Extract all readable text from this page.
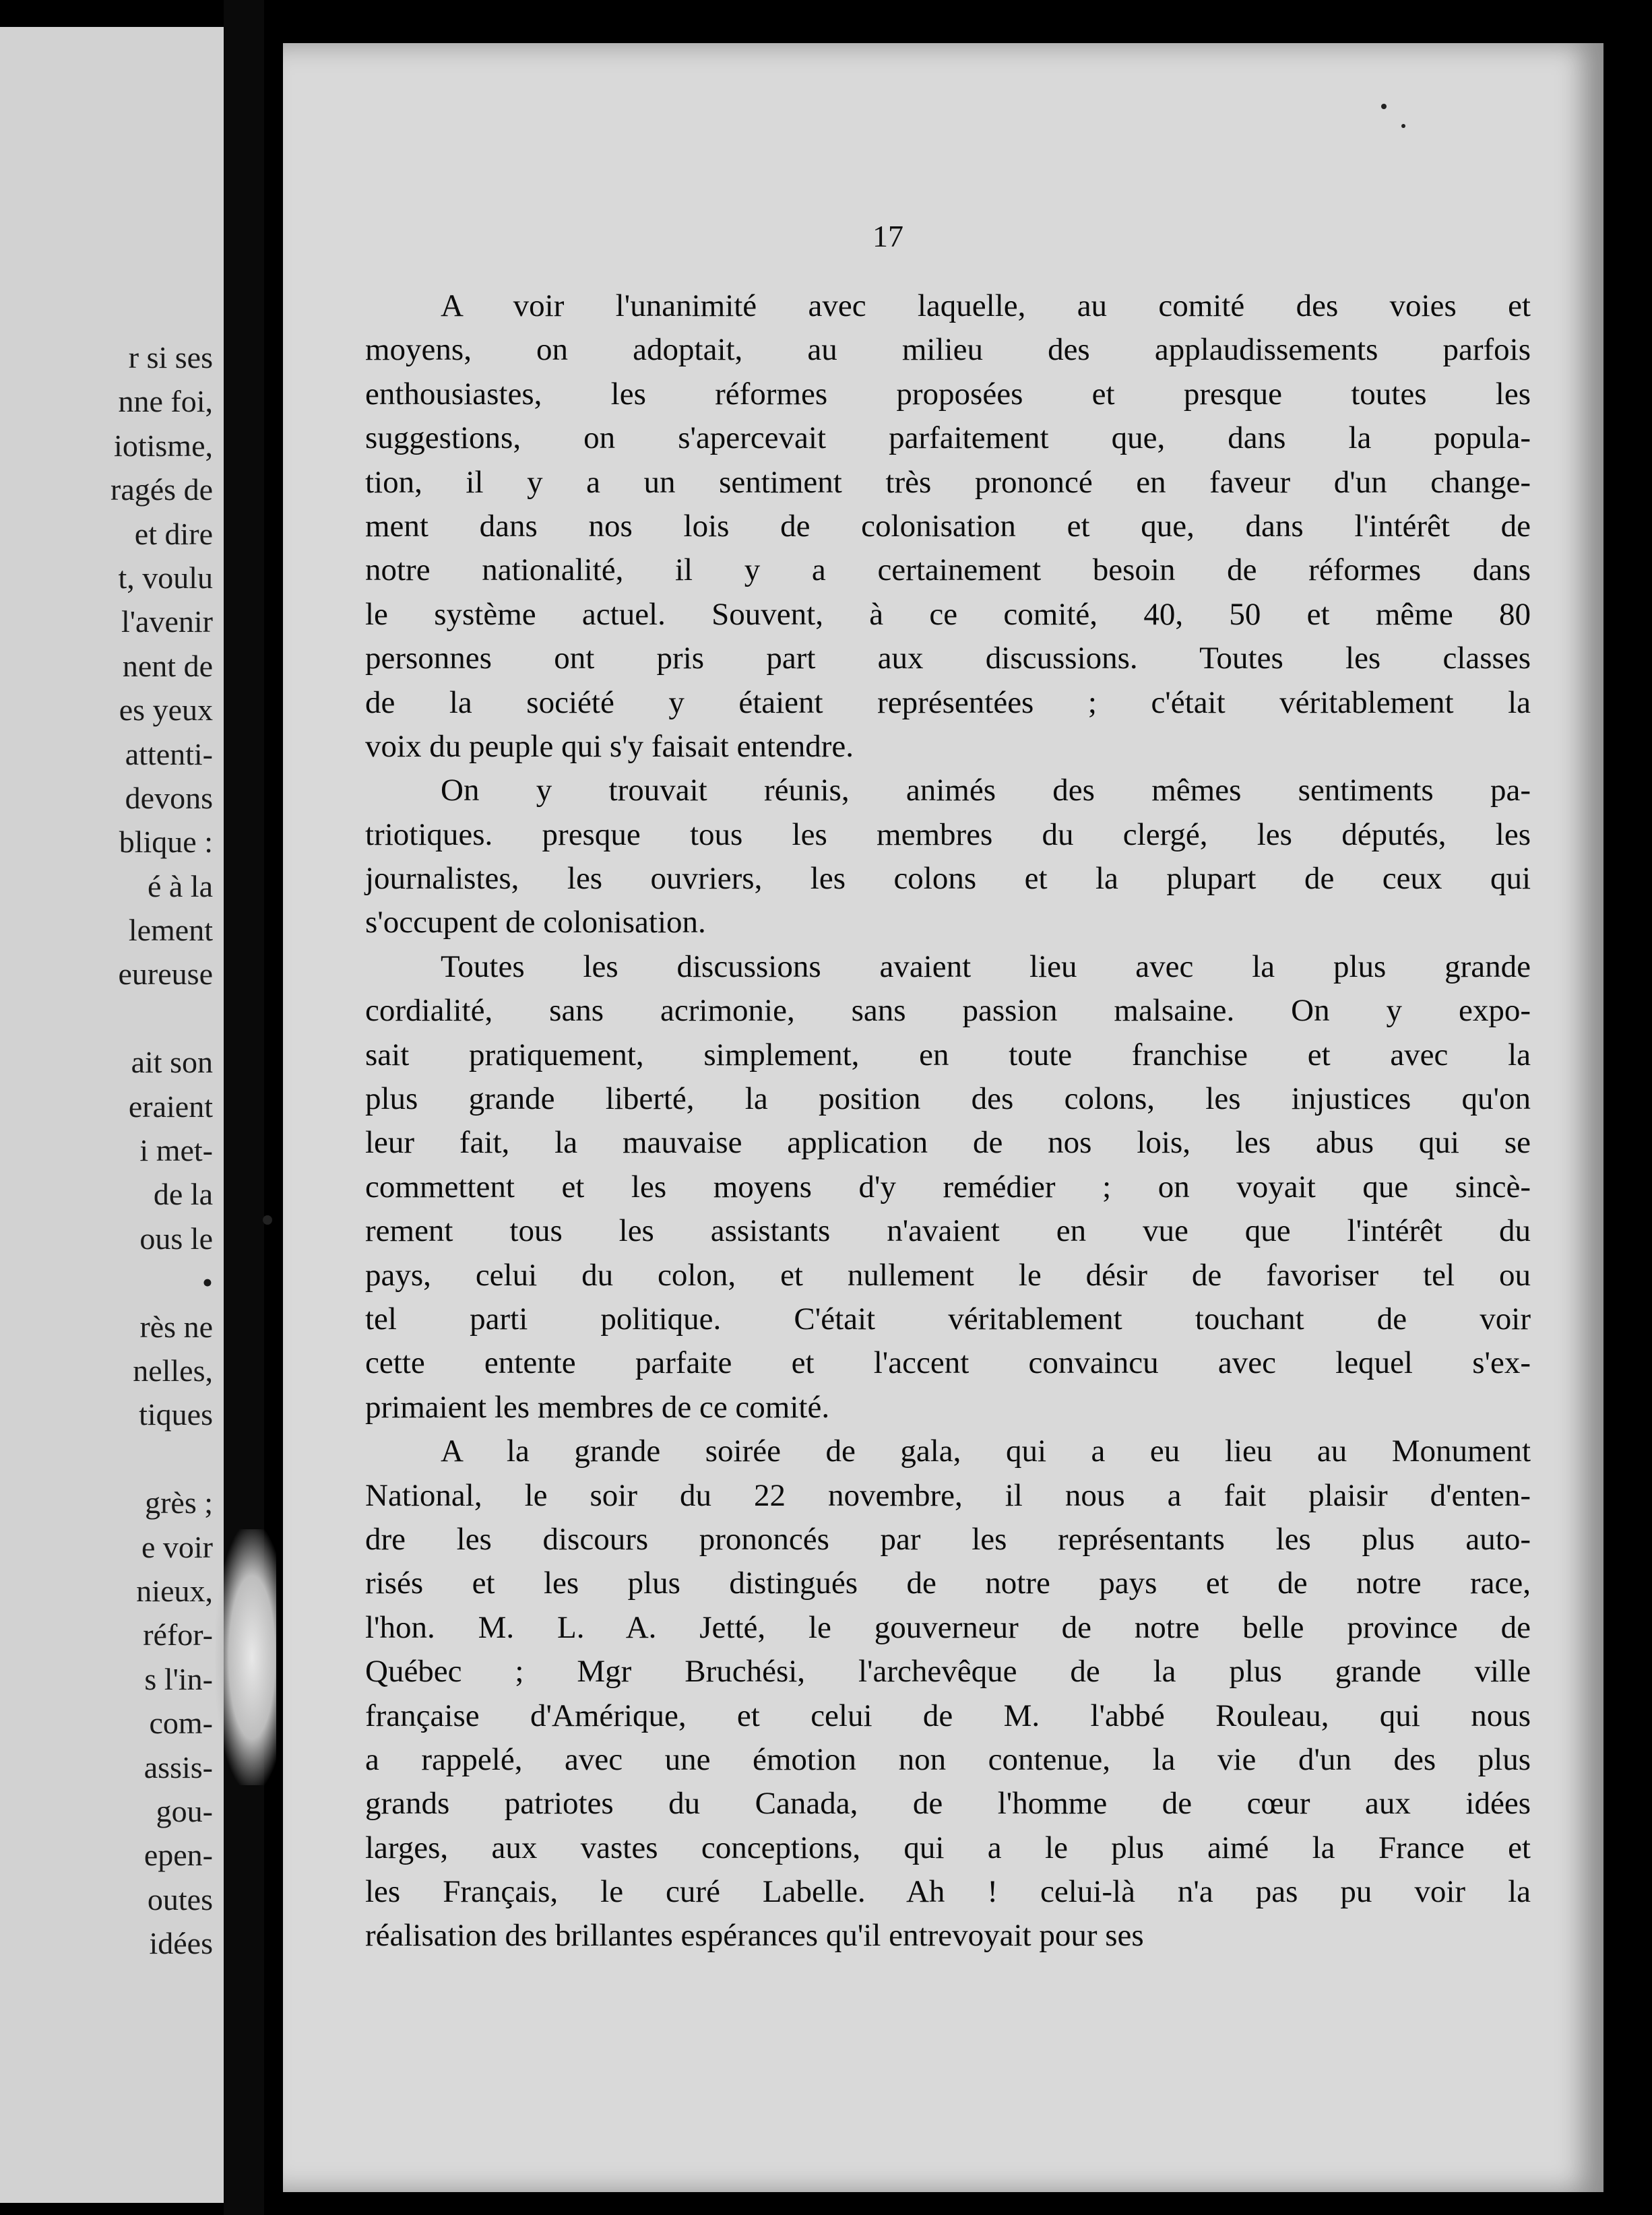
r si ses
nne foi,
iotisme,
ragés de
et dire
t, voulu
l'avenir
nent de
es yeux
attenti-
devons
blique :
é à la
lement
eureuse
ait son
eraient
i met-
de la
ous le
•
rès ne
nelles,
tiques
grès ;
e voir
nieux,
réfor-
s l'in-
com-
assis-
gou-
epen-
outes
idées
17
A voir l'unanimité avec laquelle, au comité des voies et
moyens, on adoptait, au milieu des applaudissements parfois
enthousiastes, les réformes proposées et presque toutes les
suggestions, on s'apercevait parfaitement que, dans la popula-
tion, il y a un sentiment très prononcé en faveur d'un change-
ment dans nos lois de colonisation et que, dans l'intérêt de
notre nationalité, il y a certainement besoin de réformes dans
le système actuel. Souvent, à ce comité, 40, 50 et même 80
personnes ont pris part aux discussions. Toutes les classes
de la société y étaient représentées ; c'était véritablement la
voix du peuple qui s'y faisait entendre.
On y trouvait réunis, animés des mêmes sentiments pa-
triotiques. presque tous les membres du clergé, les députés, les
journalistes, les ouvriers, les colons et la plupart de ceux qui
s'occupent de colonisation.
Toutes les discussions avaient lieu avec la plus grande
cordialité, sans acrimonie, sans passion malsaine. On y expo-
sait pratiquement, simplement, en toute franchise et avec la
plus grande liberté, la position des colons, les injustices qu'on
leur fait, la mauvaise application de nos lois, les abus qui se
commettent et les moyens d'y remédier ; on voyait que sincè-
rement tous les assistants n'avaient en vue que l'intérêt du
pays, celui du colon, et nullement le désir de favoriser tel ou
tel parti politique. C'était véritablement touchant de voir
cette entente parfaite et l'accent convaincu avec lequel s'ex-
primaient les membres de ce comité.
A la grande soirée de gala, qui a eu lieu au Monument
National, le soir du 22 novembre, il nous a fait plaisir d'enten-
dre les discours prononcés par les représentants les plus auto-
risés et les plus distingués de notre pays et de notre race,
l'hon. M. L. A. Jetté, le gouverneur de notre belle province de
Québec ; Mgr Bruchési, l'archevêque de la plus grande ville
française d'Amérique, et celui de M. l'abbé Rouleau, qui nous
a rappelé, avec une émotion non contenue, la vie d'un des plus
grands patriotes du Canada, de l'homme de cœur aux idées
larges, aux vastes conceptions, qui a le plus aimé la France et
les Français, le curé Labelle. Ah ! celui-là n'a pas pu voir la
réalisation des brillantes espérances qu'il entrevoyait pour ses
